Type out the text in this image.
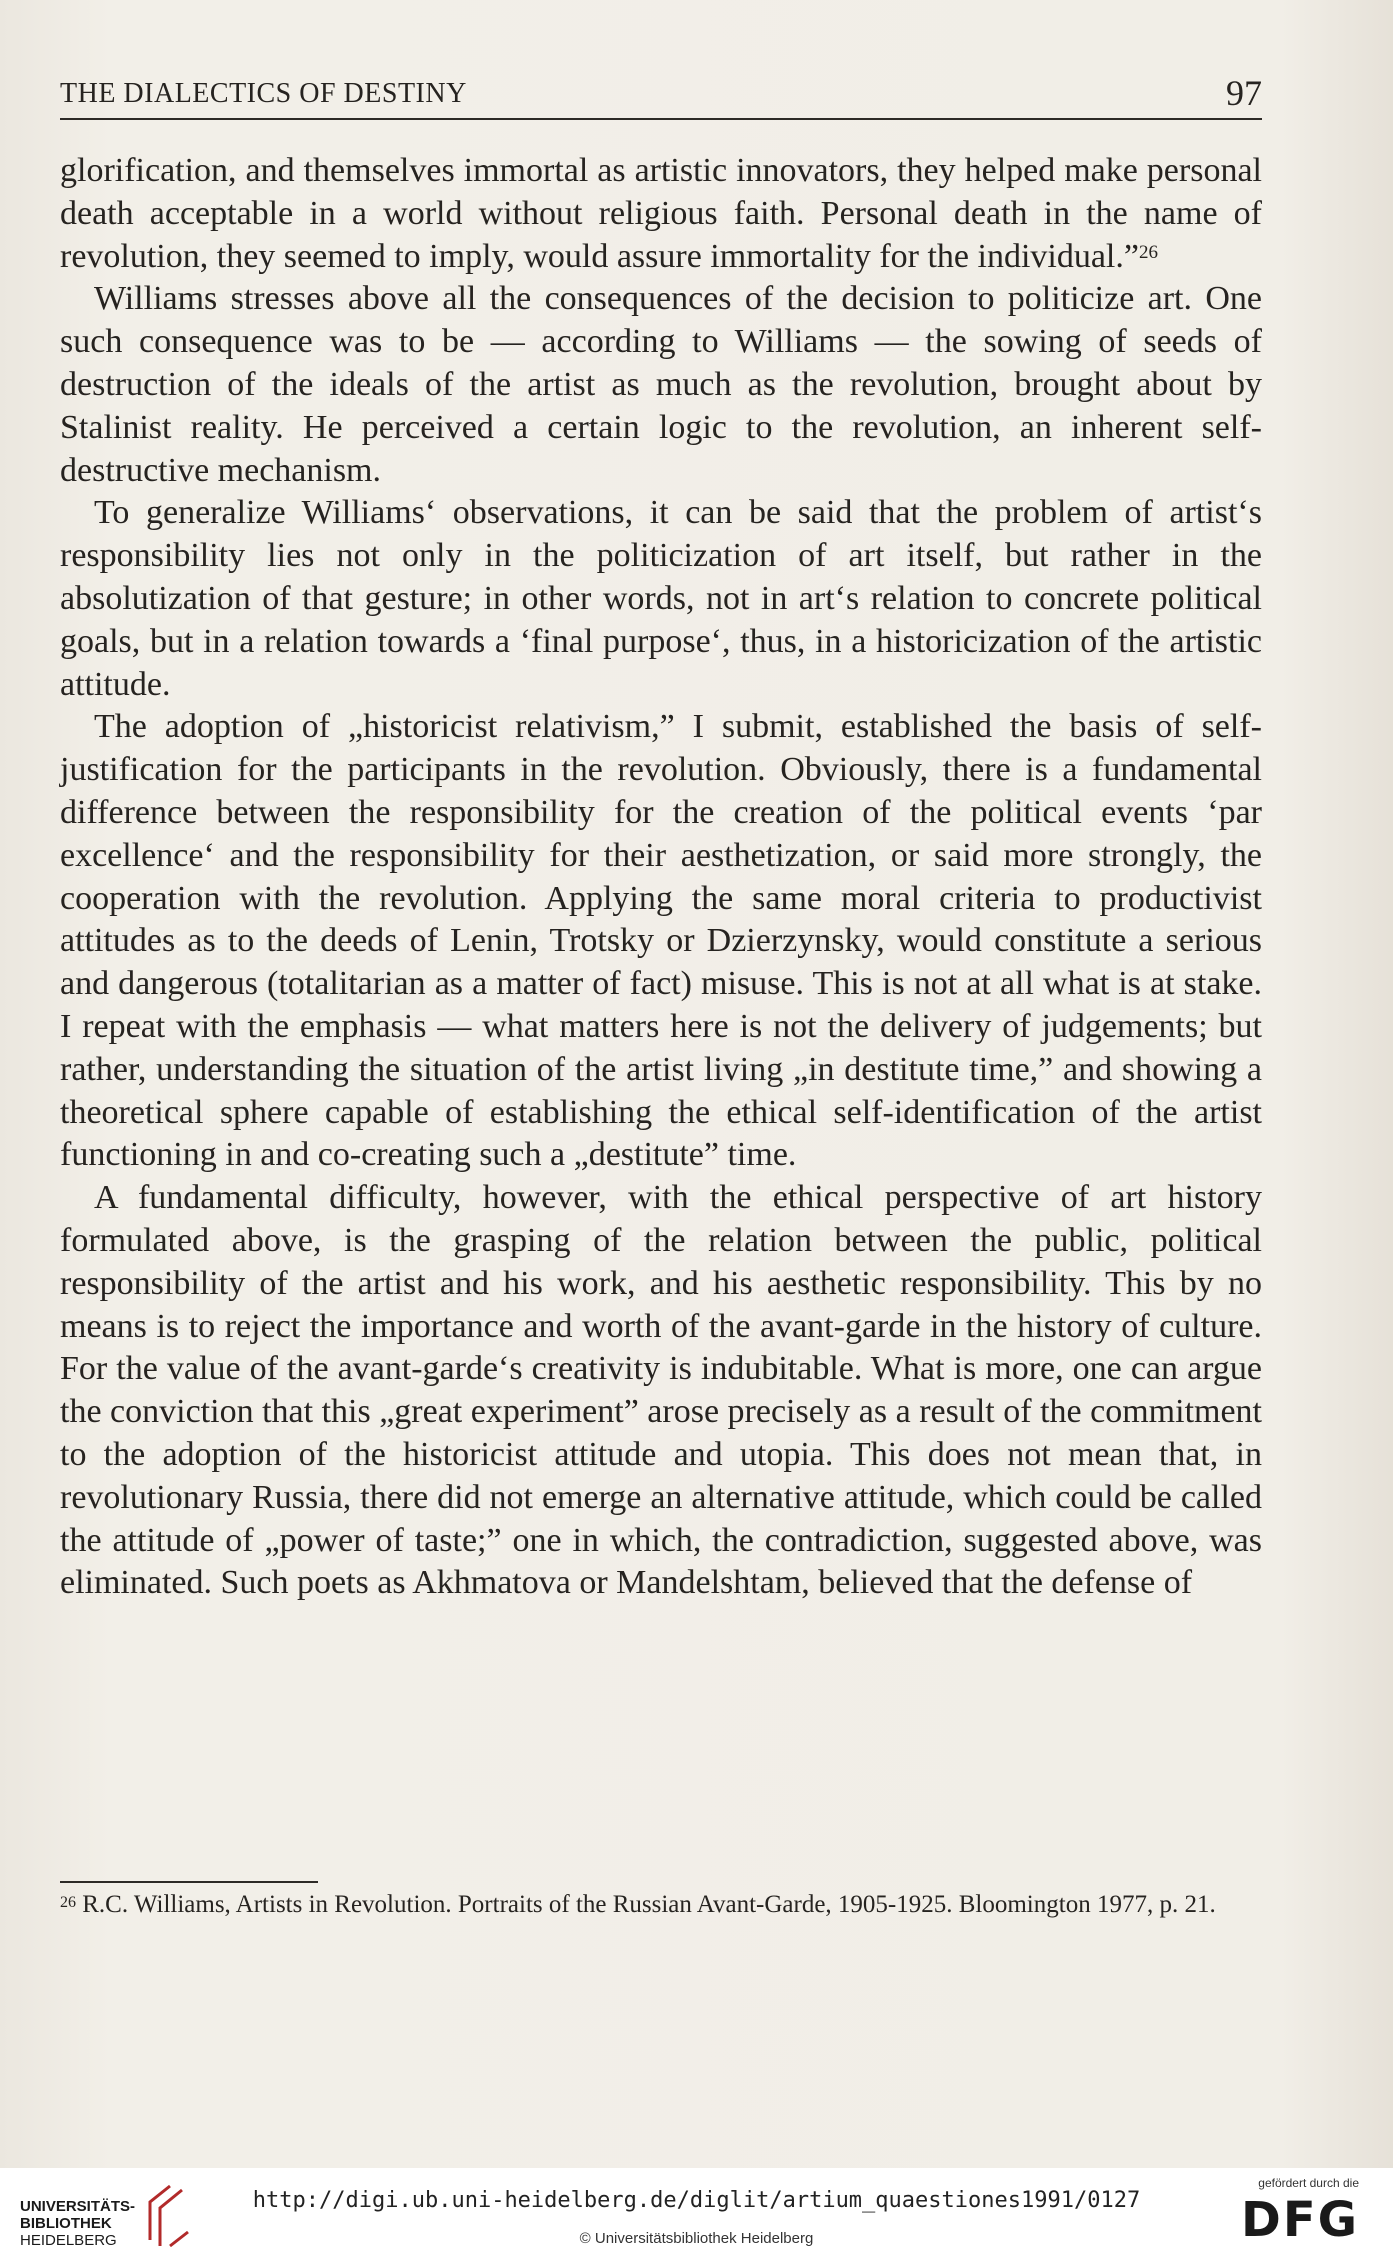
THE DIALECTICS OF DESTINY	97

glorification, and themselves immortal as artistic innovators, they helped make personal death acceptable in a world without religious faith. Personal death in the name of revolution, they seemed to imply, would assure immortality for the individual.”$^{26}$

Williams stresses above all the consequences of the decision to politicize art. One such consequence was to be — according to Williams — the sowing of seeds of destruction of the ideals of the artist as much as the revolution, brought about by Stalinist reality. He perceived a certain logic to the revolution, an inherent self-destructive mechanism.

To generalize Williams‘ observations, it can be said that the problem of artist‘s responsibility lies not only in the politicization of art itself, but rather in the absolutization of that gesture; in other words, not in art‘s relation to concrete political goals, but in a relation towards a ‘final purpose‘, thus, in a historicization of the artistic attitude.

The adoption of „historicist relativism,” I submit, established the basis of self-justification for the participants in the revolution. Obviously, there is a fundamental difference between the responsibility for the creation of the political events ‘par excellence‘ and the responsibility for their aesthetization, or said more strongly, the cooperation with the revolution. Applying the same moral criteria to productivist attitudes as to the deeds of Lenin, Trotsky or Dzierzynsky, would constitute a serious and dangerous (totalitarian as a matter of fact) misuse. This is not at all what is at stake. I repeat with the emphasis — what matters here is not the delivery of judgements; but rather, understanding the situation of the artist living „in destitute time,” and showing a theoretical sphere capable of establishing the ethical self-identification of the artist functioning in and co-creating such a „destitute” time.

A fundamental difficulty, however, with the ethical perspective of art history formulated above, is the grasping of the relation between the public, political responsibility of the artist and his work, and his aesthetic responsibility. This by no means is to reject the importance and worth of the avant-garde in the history of culture. For the value of the avant-garde‘s creativity is indubitable. What is more, one can argue the conviction that this „great experiment” arose precisely as a result of the commitment to the adoption of the historicist attitude and utopia. This does not mean that, in revolutionary Russia, there did not emerge an alternative attitude, which could be called the attitude of „power of taste;” one in which, the contradiction, suggested above, was eliminated. Such poets as Akhmatova or Mandelshtam, believed that the defense of

$^{26}$ R.C. Williams, Artists in Revolution. Portraits of the Russian Avant-Garde, 1905-1925. Bloomington 1977, p. 21.
UNIVERSITÄTS-
BIBLIOTHEK
HEIDELBERG
http://digi.ub.uni-heidelberg.de/diglit/artium_quaestiones1991/0127
© Universitätsbibliothek Heidelberg
gefördert durch die
DFG
